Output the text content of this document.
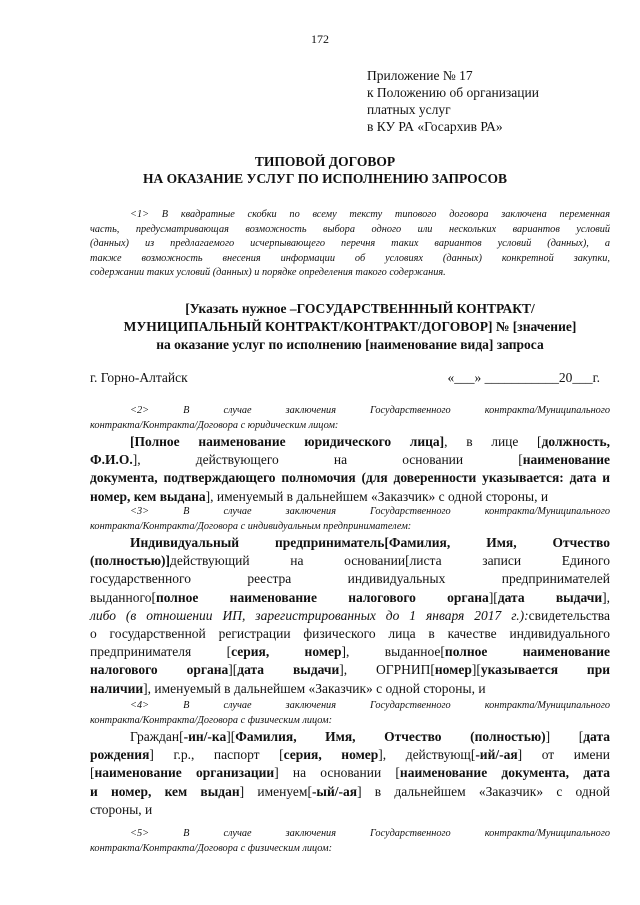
172
Приложение № 17
к Положению об организации
платных услуг
в КУ РА «Госархив РА»
ТИПОВОЙ ДОГОВОР
НА ОКАЗАНИЕ УСЛУГ ПО ИСПОЛНЕНИЮ ЗАПРОСОВ
<1> В квадратные скобки по всему тексту типового договора заключена переменная
часть, предусматривающая возможность выбора одного или нескольких вариантов условий
(данных) из предлагаемого исчерпывающего перечня таких вариантов условий (данных), а
также возможность внесения информации об условиях (данных) конкретной закупки,
содержании таких условий (данных) и порядке определения такого содержания.
[Указать нужное –ГОСУДАРСТВЕНННЫЙ КОНТРАКТ/
МУНИЦИПАЛЬНЫЙ КОНТРАКТ/КОНТРАКТ/ДОГОВОР] № [значение]
на оказание услуг по исполнению [наименование вида] запроса
г. Горно-Алтайск	«___» ___________20___г.
<2> В случае заключения Государственного контракта/Муниципального
контракта/Контракта/Договора с юридическим лицом:
[Полное наименование юридического лица], в лице [должность,
Ф.И.О.], действующего на основании [наименование
документа, подтверждающего полномочия (для доверенности указывается: дата и
номер, кем выдана], именуемый в дальнейшем «Заказчик» с одной стороны, и
<3> В случае заключения Государственного контракта/Муниципального
контракта/Контракта/Договора с индивидуальным предпринимателем:
Индивидуальный предприниматель[Фамилия, Имя, Отчество
(полностью)]действующий на основании[листа записи Единого
государственного реестра индивидуальных предпринимателей
выданного[полное наименование налогового органа][дата выдачи],
либо (в отношении ИП, зарегистрированных до 1 января 2017 г.):свидетельства
о государственной регистрации физического лица в качестве индивидуального
предпринимателя [серия, номер], выданное[полное наименование
налогового органа][дата выдачи], ОГРНИП[номер][указывается при
наличии], именуемый в дальнейшем «Заказчик» с одной стороны, и
<4> В случае заключения Государственного контракта/Муниципального
контракта/Контракта/Договора с физическим лицом:
Граждан[-ин/-ка][Фамилия, Имя, Отчество (полностью)] [дата
рождения] г.р., паспорт [серия, номер], действующ[-ий/-ая] от имени
[наименование организации] на основании [наименование документа, дата
и номер, кем выдан] именуем[-ый/-ая] в дальнейшем «Заказчик» с одной
стороны, и
<5> В случае заключения Государственного контракта/Муниципального
контракта/Контракта/Договора с физическим лицом:
